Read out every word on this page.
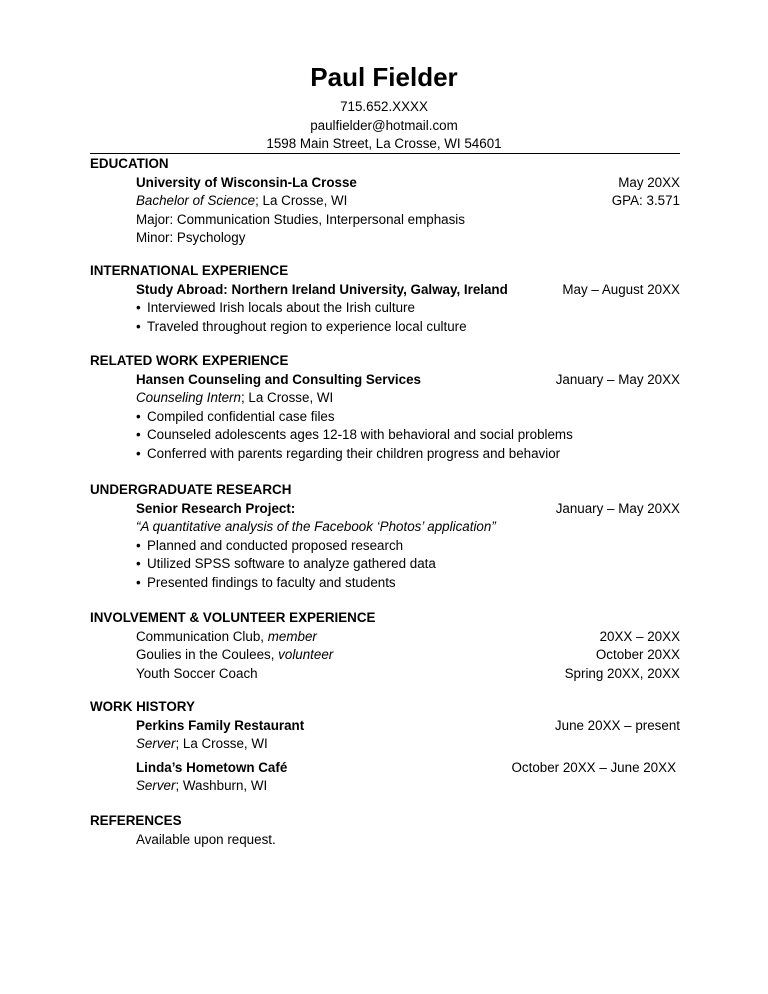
Paul Fielder
715.652.XXXX
paulfielder@hotmail.com
1598 Main Street, La Crosse, WI 54601
EDUCATION
University of Wisconsin-La Crosse	May 20XX
Bachelor of Science; La Crosse, WI	GPA: 3.571
Major: Communication Studies, Interpersonal emphasis
Minor: Psychology
INTERNATIONAL EXPERIENCE
Study Abroad: Northern Ireland University, Galway, Ireland	May – August 20XX
• Interviewed Irish locals about the Irish culture
• Traveled throughout region to experience local culture
RELATED WORK EXPERIENCE
Hansen Counseling and Consulting Services	January – May 20XX
Counseling Intern; La Crosse, WI
• Compiled confidential case files
• Counseled adolescents ages 12-18 with behavioral and social problems
• Conferred with parents regarding their children progress and behavior
UNDERGRADUATE RESEARCH
Senior Research Project:	January – May 20XX
“A quantitative analysis of the Facebook ‘Photos’ application”
• Planned and conducted proposed research
• Utilized SPSS software to analyze gathered data
• Presented findings to faculty and students
INVOLVEMENT & VOLUNTEER EXPERIENCE
Communication Club, member	20XX – 20XX
Goulies in the Coulees, volunteer	October 20XX
Youth Soccer Coach	Spring 20XX, 20XX
WORK HISTORY
Perkins Family Restaurant	June 20XX – present
Server; La Crosse, WI
Linda’s Hometown Café	October 20XX – June 20XX
Server; Washburn, WI
REFERENCES
Available upon request.
